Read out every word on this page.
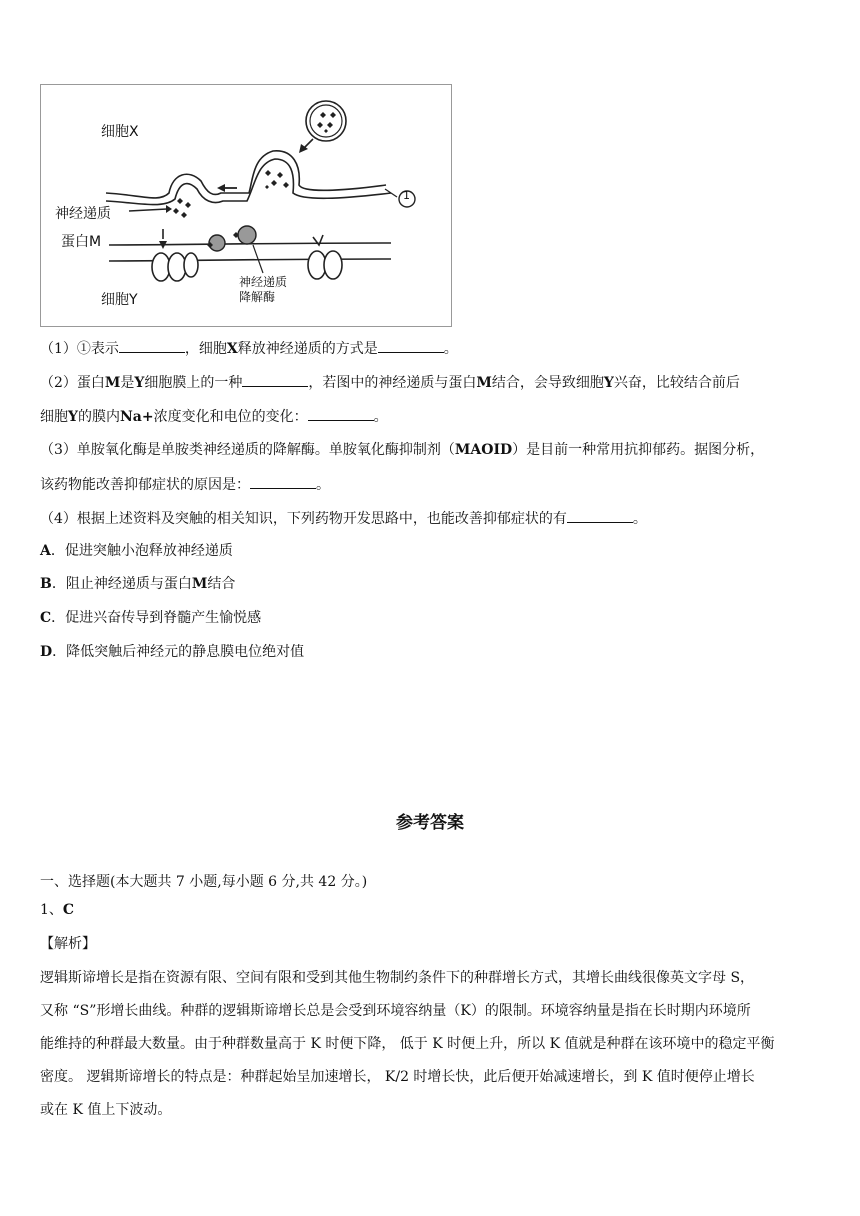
细胞X
神经递质
蛋白M
细胞Y
神经递质
降解酶
1
（1）①表示	，细胞X释放神经递质的方式是	。
（2）蛋白M是Y细胞膜上的一种	，若图中的神经递质与蛋白M结合，会导致细胞Y兴奋，比较结合前后
细胞Y的膜内Na+浓度变化和电位的变化：	。
（3）单胺氧化酶是单胺类神经递质的降解酶。单胺氧化酶抑制剂（MAOID）是目前一种常用抗抑郁药。据图分析，
该药物能改善抑郁症状的原因是：	。
（4）根据上述资料及突触的相关知识，下列药物开发思路中，也能改善抑郁症状的有	。
A．促进突触小泡释放神经递质
B．阻止神经递质与蛋白M结合
C．促进兴奋传导到脊髓产生愉悦感
D．降低突触后神经元的静息膜电位绝对值
参考答案
一、选择题(本大题共 7 小题,每小题 6 分,共 42 分。)
1、C
【解析】
逻辑斯谛增长是指在资源有限、空间有限和受到其他生物制约条件下的种群增长方式，其增长曲线很像英文字母 S，
又称 “S”形增长曲线。种群的逻辑斯谛增长总是会受到环境容纳量（K）的限制。环境容纳量是指在长时期内环境所
能维持的种群最大数量。由于种群数量高于 K 时便下降， 低于 K 时便上升，所以 K 值就是种群在该环境中的稳定平衡
密度。 逻辑斯谛增长的特点是：种群起始呈加速增长， K/2 时增长快，此后便开始减速增长，到 K 值时便停止增长
或在 K 值上下波动。
